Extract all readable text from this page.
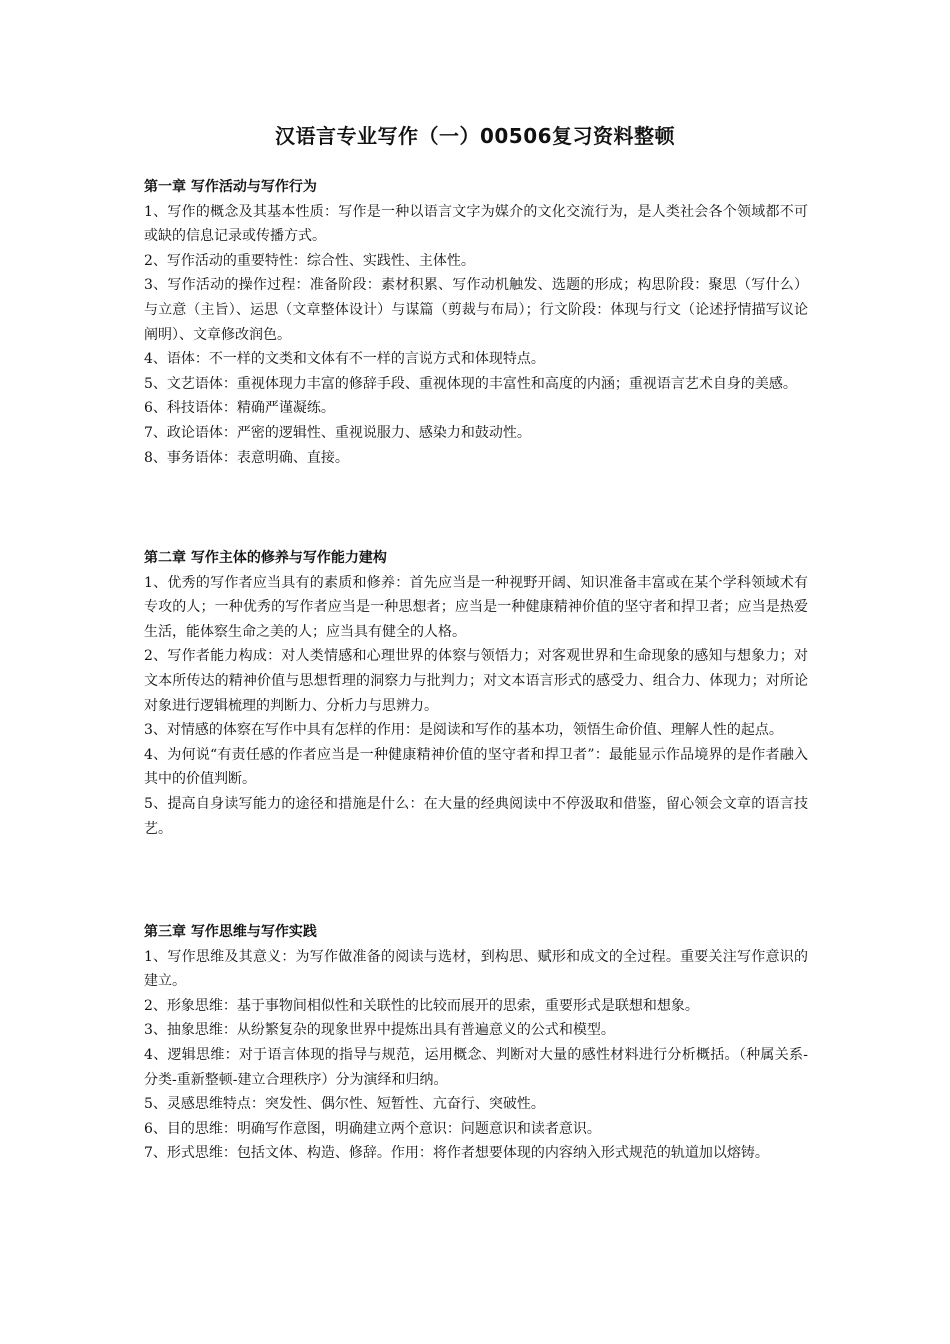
汉语言专业写作（一）00506复习资料整顿
第一章 写作活动与写作行为
1、写作的概念及其基本性质：写作是一种以语言文字为媒介的文化交流行为，是人类社会各个领域都不可或缺的信息记录或传播方式。
2、写作活动的重要特性：综合性、实践性、主体性。
3、写作活动的操作过程：准备阶段：素材积累、写作动机触发、选题的形成；构思阶段：聚思（写什么）与立意（主旨）、运思（文章整体设计）与谋篇（剪裁与布局）；行文阶段：体现与行文（论述抒情描写议论阐明）、文章修改润色。
4、语体：不一样的文类和文体有不一样的言说方式和体现特点。
5、文艺语体：重视体现力丰富的修辞手段、重视体现的丰富性和高度的内涵；重视语言艺术自身的美感。
6、科技语体：精确严谨凝练。
7、政论语体：严密的逻辑性、重视说服力、感染力和鼓动性。
8、事务语体：表意明确、直接。
第二章 写作主体的修养与写作能力建构
1、优秀的写作者应当具有的素质和修养：首先应当是一种视野开阔、知识准备丰富或在某个学科领域术有专攻的人；一种优秀的写作者应当是一种思想者；应当是一种健康精神价值的坚守者和捍卫者；应当是热爱生活，能体察生命之美的人；应当具有健全的人格。
2、写作者能力构成：对人类情感和心理世界的体察与领悟力；对客观世界和生命现象的感知与想象力；对文本所传达的精神价值与思想哲理的洞察力与批判力；对文本语言形式的感受力、组合力、体现力；对所论对象进行逻辑梳理的判断力、分析力与思辨力。
3、对情感的体察在写作中具有怎样的作用：是阅读和写作的基本功，领悟生命价值、理解人性的起点。
4、为何说“有责任感的作者应当是一种健康精神价值的坚守者和捍卫者”：最能显示作品境界的是作者融入其中的价值判断。
5、提高自身读写能力的途径和措施是什么：在大量的经典阅读中不停汲取和借鉴，留心领会文章的语言技艺。
第三章 写作思维与写作实践
1、写作思维及其意义：为写作做准备的阅读与选材，到构思、赋形和成文的全过程。重要关注写作意识的建立。
2、形象思维：基于事物间相似性和关联性的比较而展开的思索，重要形式是联想和想象。
3、抽象思维：从纷繁复杂的现象世界中提炼出具有普遍意义的公式和模型。
4、逻辑思维：对于语言体现的指导与规范，运用概念、判断对大量的感性材料进行分析概括。（种属关系-分类-重新整顿-建立合理秩序）分为演绎和归纳。
5、灵感思维特点：突发性、偶尔性、短暂性、亢奋行、突破性。
6、目的思维：明确写作意图，明确建立两个意识：问题意识和读者意识。
7、形式思维：包括文体、构造、修辞。作用：将作者想要体现的内容纳入形式规范的轨道加以熔铸。
